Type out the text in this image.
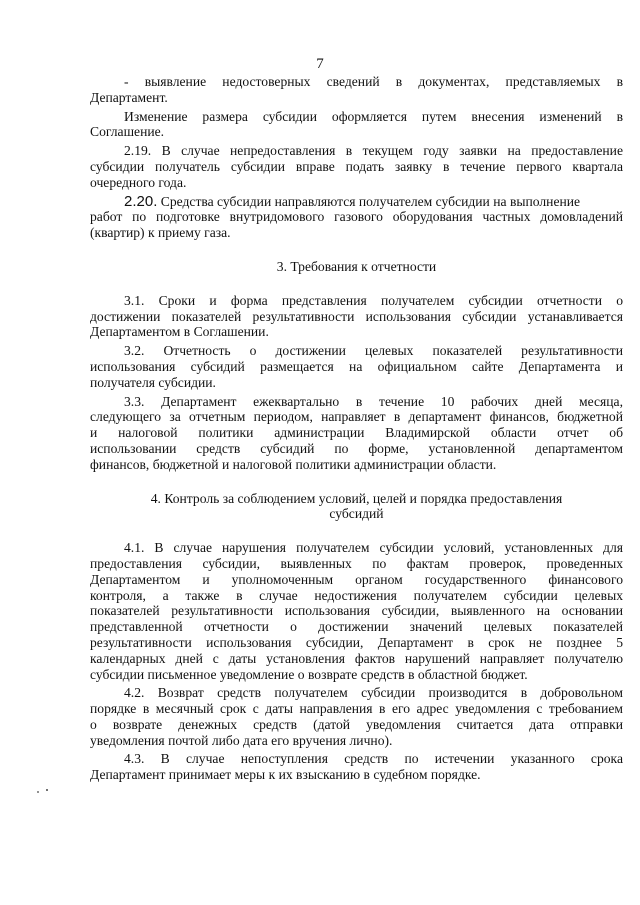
7
- выявление недостоверных сведений в документах, представляемых в
Департамент.
Изменение размера субсидии оформляется путем внесения изменений в
Соглашение.
2.19. В случае непредоставления в текущем году заявки на предоставление
субсидии получатель субсидии вправе подать заявку в течение первого квартала
очередного года.
2.20. Средства субсидии направляются получателем субсидии на выполнение
работ по подготовке внутридомового газового оборудования частных домовладений
(квартир) к приему газа.
3. Требования к отчетности
3.1. Сроки и форма представления получателем субсидии отчетности о
достижении показателей результативности использования субсидии устанавливается
Департаментом в Соглашении.
3.2. Отчетность о достижении целевых показателей результативности
использования субсидий размещается на официальном сайте Департамента и
получателя субсидии.
3.3. Департамент ежеквартально в течение 10 рабочих дней месяца,
следующего за отчетным периодом, направляет в департамент финансов, бюджетной
и налоговой политики администрации Владимирской области отчет об
использовании средств субсидий по форме, установленной департаментом
финансов, бюджетной и налоговой политики администрации области.
4. Контроль за соблюдением условий, целей и порядка предоставления
субсидий
4.1. В случае нарушения получателем субсидии условий, установленных для
предоставления субсидии, выявленных по фактам проверок, проведенных
Департаментом и уполномоченным органом государственного финансового
контроля, а также в случае недостижения получателем субсидии целевых
показателей результативности использования субсидии, выявленного на основании
представленной отчетности о достижении значений целевых показателей
результативности использования субсидии, Департамент в срок не позднее 5
календарных дней с даты установления фактов нарушений направляет получателю
субсидии письменное уведомление о возврате средств в областной бюджет.
4.2. Возврат средств получателем субсидии производится в добровольном
порядке в месячный срок с даты направления в его адрес уведомления с требованием
о возврате денежных средств (датой уведомления считается дата отправки
уведомления почтой либо дата его вручения лично).
4.3. В случае непоступления средств по истечении указанного срока
Департамент принимает меры к их взысканию в судебном порядке.
